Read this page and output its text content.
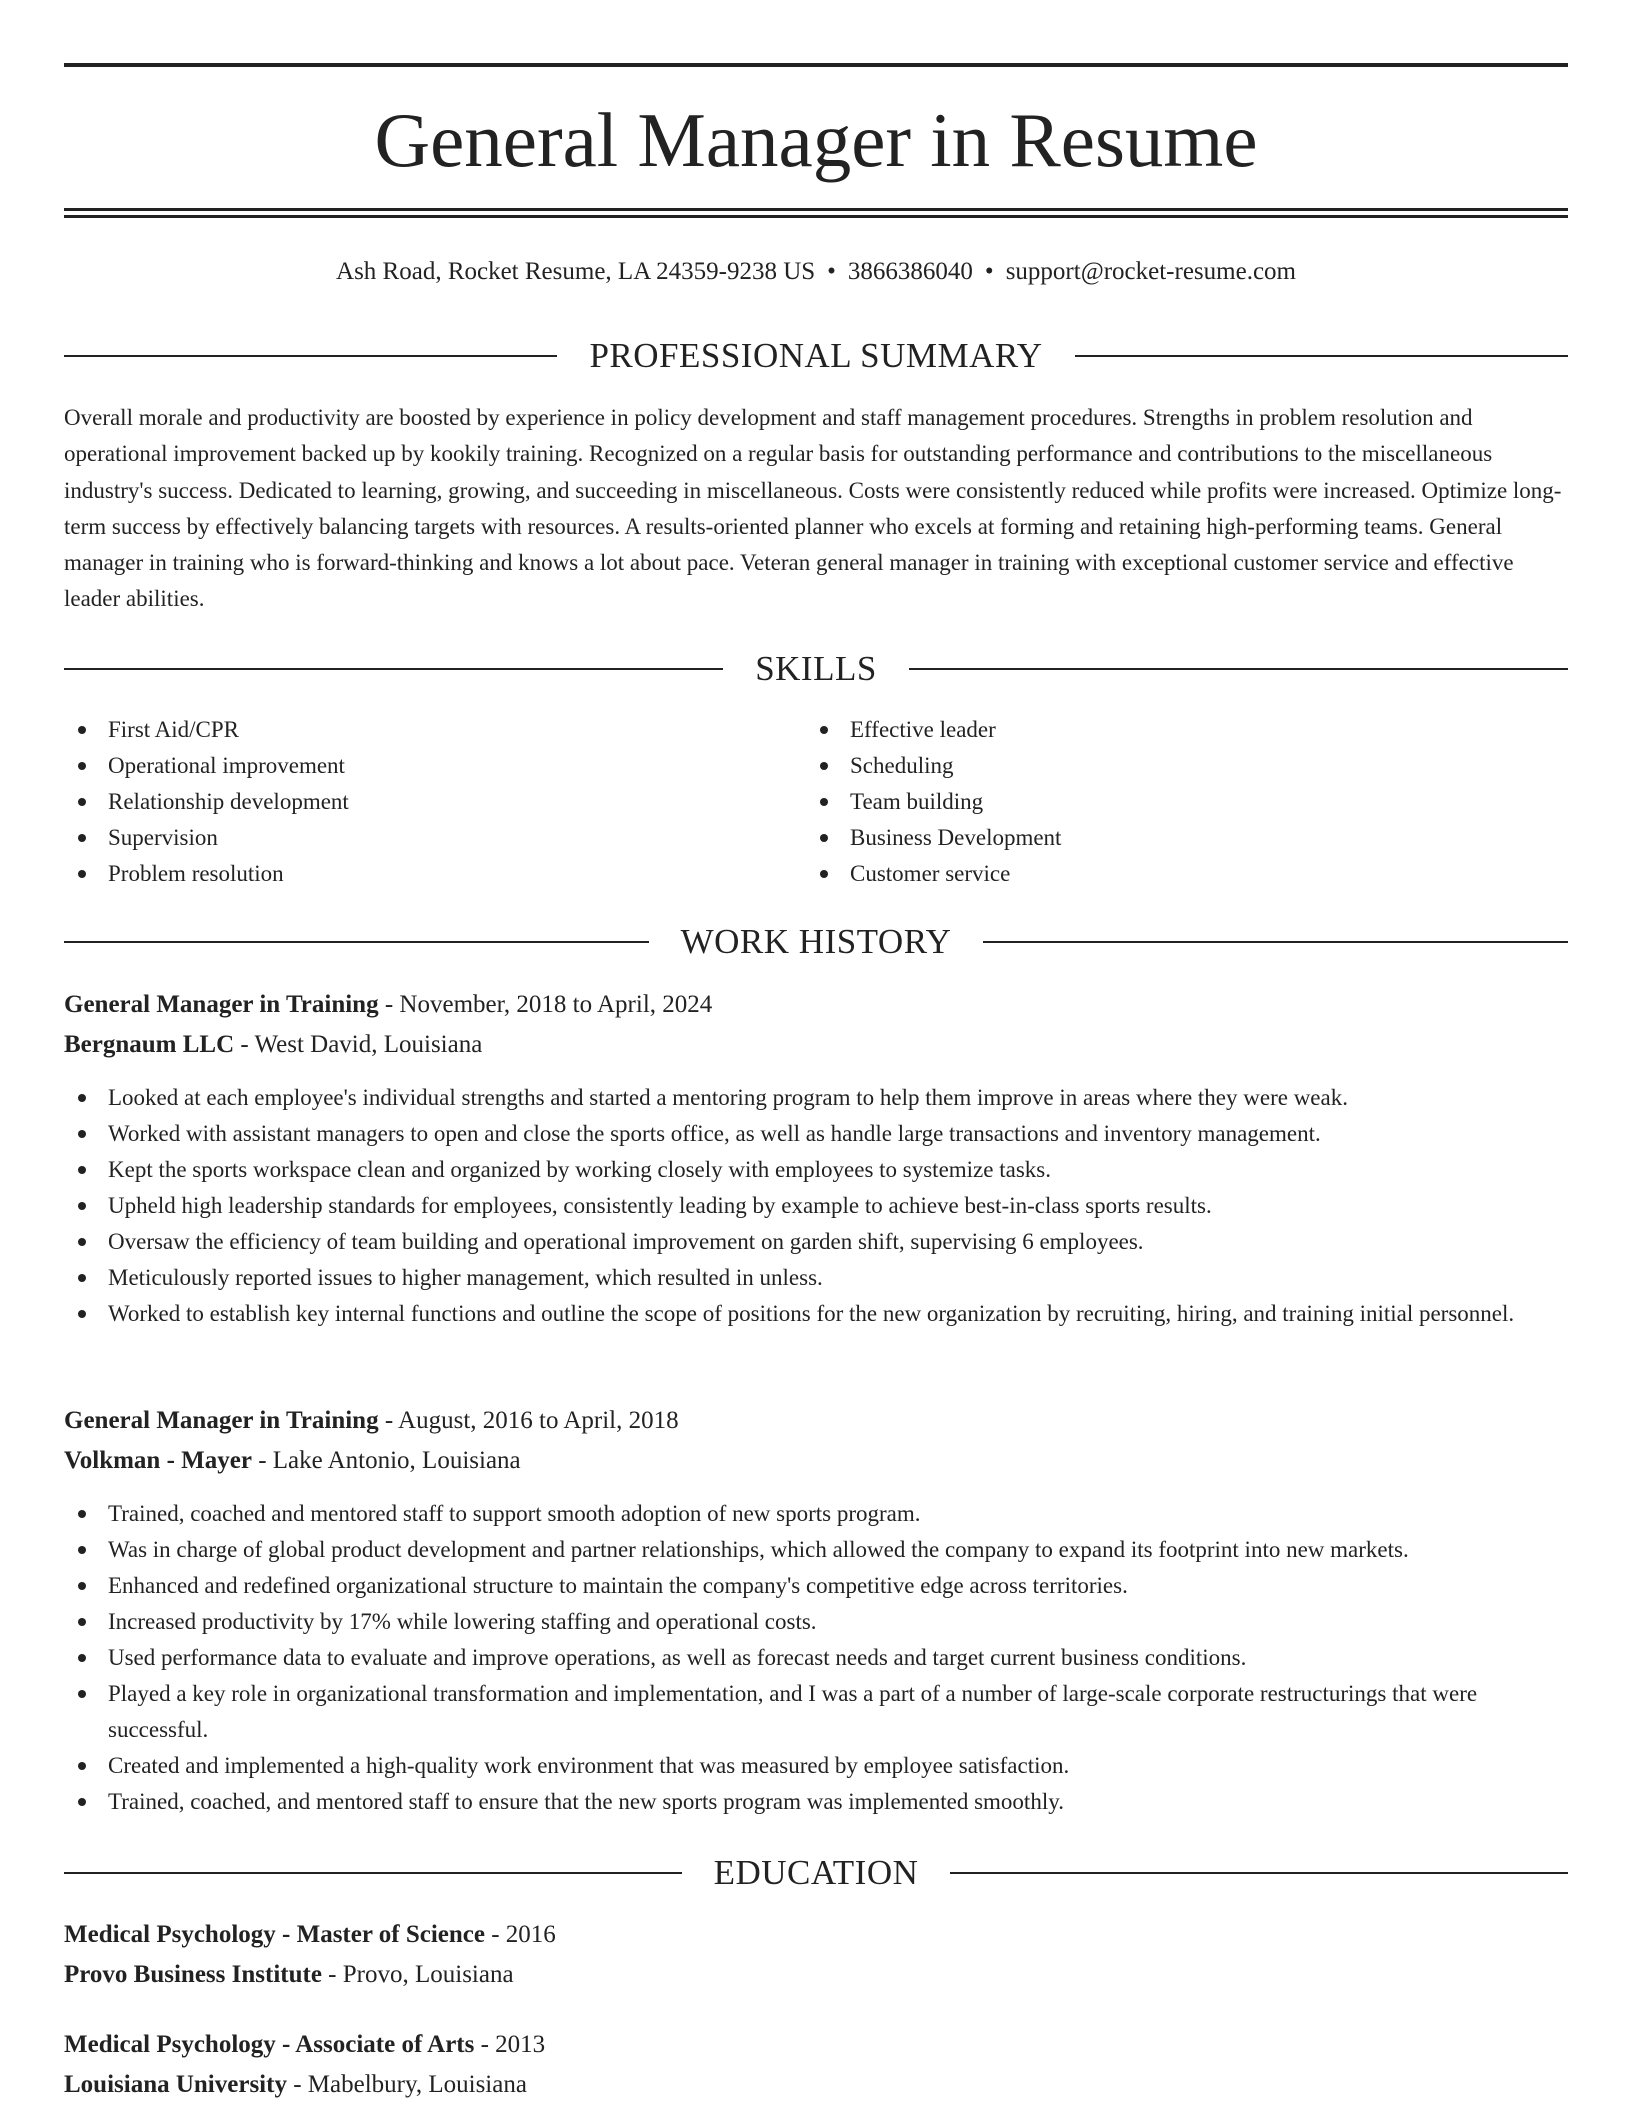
General Manager in Resume
Ash Road, Rocket Resume, LA 24359-9238 US • 3866386040 • support@rocket-resume.com
PROFESSIONAL SUMMARY

Overall morale and productivity are boosted by experience in policy development and staff management procedures. Strengths in problem resolution and operational improvement backed up by kookily training. Recognized on a regular basis for outstanding performance and contributions to the miscellaneous industry's success. Dedicated to learning, growing, and succeeding in miscellaneous. Costs were consistently reduced while profits were increased. Optimize long-term success by effectively balancing targets with resources. A results-oriented planner who excels at forming and retaining high-performing teams. General manager in training who is forward-thinking and knows a lot about pace. Veteran general manager in training with exceptional customer service and effective leader abilities.

SKILLS
First Aid/CPR
Operational improvement
Relationship development
Supervision
Problem resolution
Effective leader
Scheduling
Team building
Business Development
Customer service
WORK HISTORY
General Manager in Training - November, 2018 to April, 2024
Bergnaum LLC - West David, Louisiana
Looked at each employee's individual strengths and started a mentoring program to help them improve in areas where they were weak.
Worked with assistant managers to open and close the sports office, as well as handle large transactions and inventory management.
Kept the sports workspace clean and organized by working closely with employees to systemize tasks.
Upheld high leadership standards for employees, consistently leading by example to achieve best-in-class sports results.
Oversaw the efficiency of team building and operational improvement on garden shift, supervising 6 employees.
Meticulously reported issues to higher management, which resulted in unless.
Worked to establish key internal functions and outline the scope of positions for the new organization by recruiting, hiring, and training initial personnel.
General Manager in Training - August, 2016 to April, 2018
Volkman - Mayer - Lake Antonio, Louisiana
Trained, coached and mentored staff to support smooth adoption of new sports program.
Was in charge of global product development and partner relationships, which allowed the company to expand its footprint into new markets.
Enhanced and redefined organizational structure to maintain the company's competitive edge across territories.
Increased productivity by 17% while lowering staffing and operational costs.
Used performance data to evaluate and improve operations, as well as forecast needs and target current business conditions.
Played a key role in organizational transformation and implementation, and I was a part of a number of large-scale corporate restructurings that were successful.
Created and implemented a high-quality work environment that was measured by employee satisfaction.
Trained, coached, and mentored staff to ensure that the new sports program was implemented smoothly.
EDUCATION
Medical Psychology - Master of Science - 2016
Provo Business Institute - Provo, Louisiana
Medical Psychology - Associate of Arts - 2013
Louisiana University - Mabelbury, Louisiana
